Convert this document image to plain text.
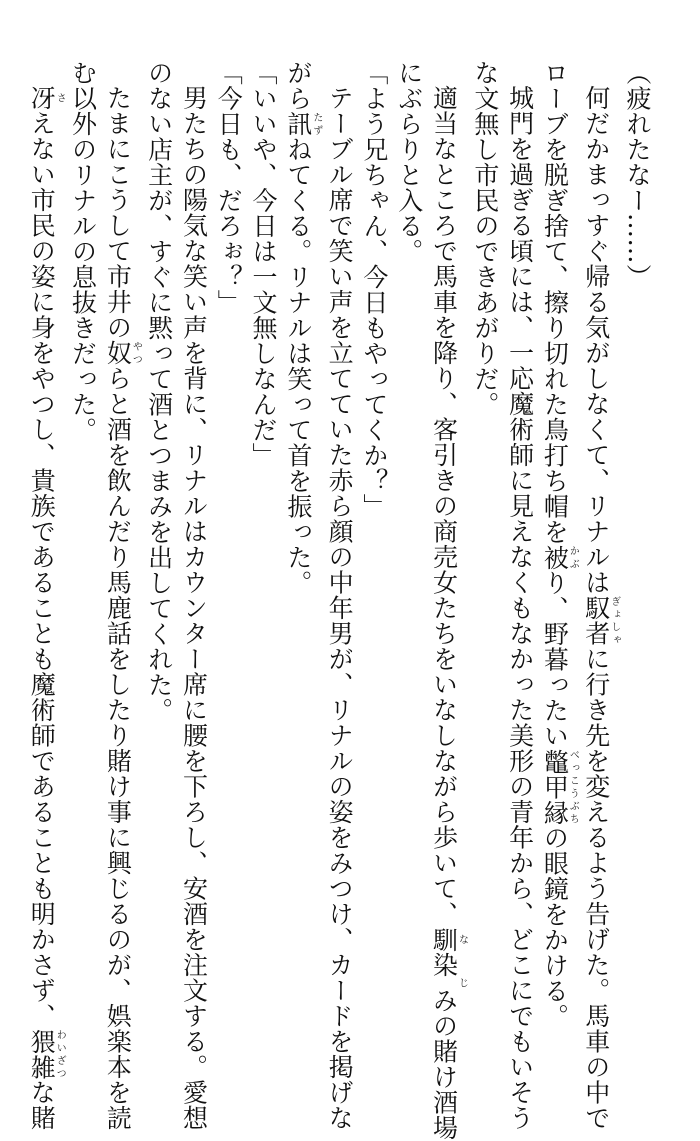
（疲れたなー……）
何だかまっすぐ帰る気がしなくて、リナルは馭者ぎょしゃに行き先を変えるよう告げた。馬車の中で
ローブを脱ぎ捨て、擦り切れた鳥打ち帽を被かぶり、野暮ったい鼈甲縁べっこうぶちの眼鏡をかける。
城門を過ぎる頃には、一応魔術師に見えなくもなかった美形の青年から、どこにでもいそう
な文無し市民のできあがりだ。
適当なところで馬車を降り、客引きの商売女たちをいなしながら歩いて、馴な染じみの賭け酒場
にぶらりと入る。
「よう兄ちゃん、今日もやってくか？」
テーブル席で笑い声を立てていた赤ら顔の中年男が、リナルの姿をみつけ、カードを掲げな
がら訊たずねてくる。リナルは笑って首を振った。
「いいや、今日は一文無しなんだ」
「今日も、だろぉ？」
男たちの陽気な笑い声を背に、リナルはカウンター席に腰を下ろし、安酒を注文する。愛想
のない店主が、すぐに黙って酒とつまみを出してくれた。
たまにこうして市井の奴やつらと酒を飲んだり馬鹿話をしたり賭け事に興じるのが、娯楽本を読
む以外のリナルの息抜きだった。
冴さえない市民の姿に身をやつし、貴族であることも魔術師であることも明かさず、猥雑わいざつな賭
